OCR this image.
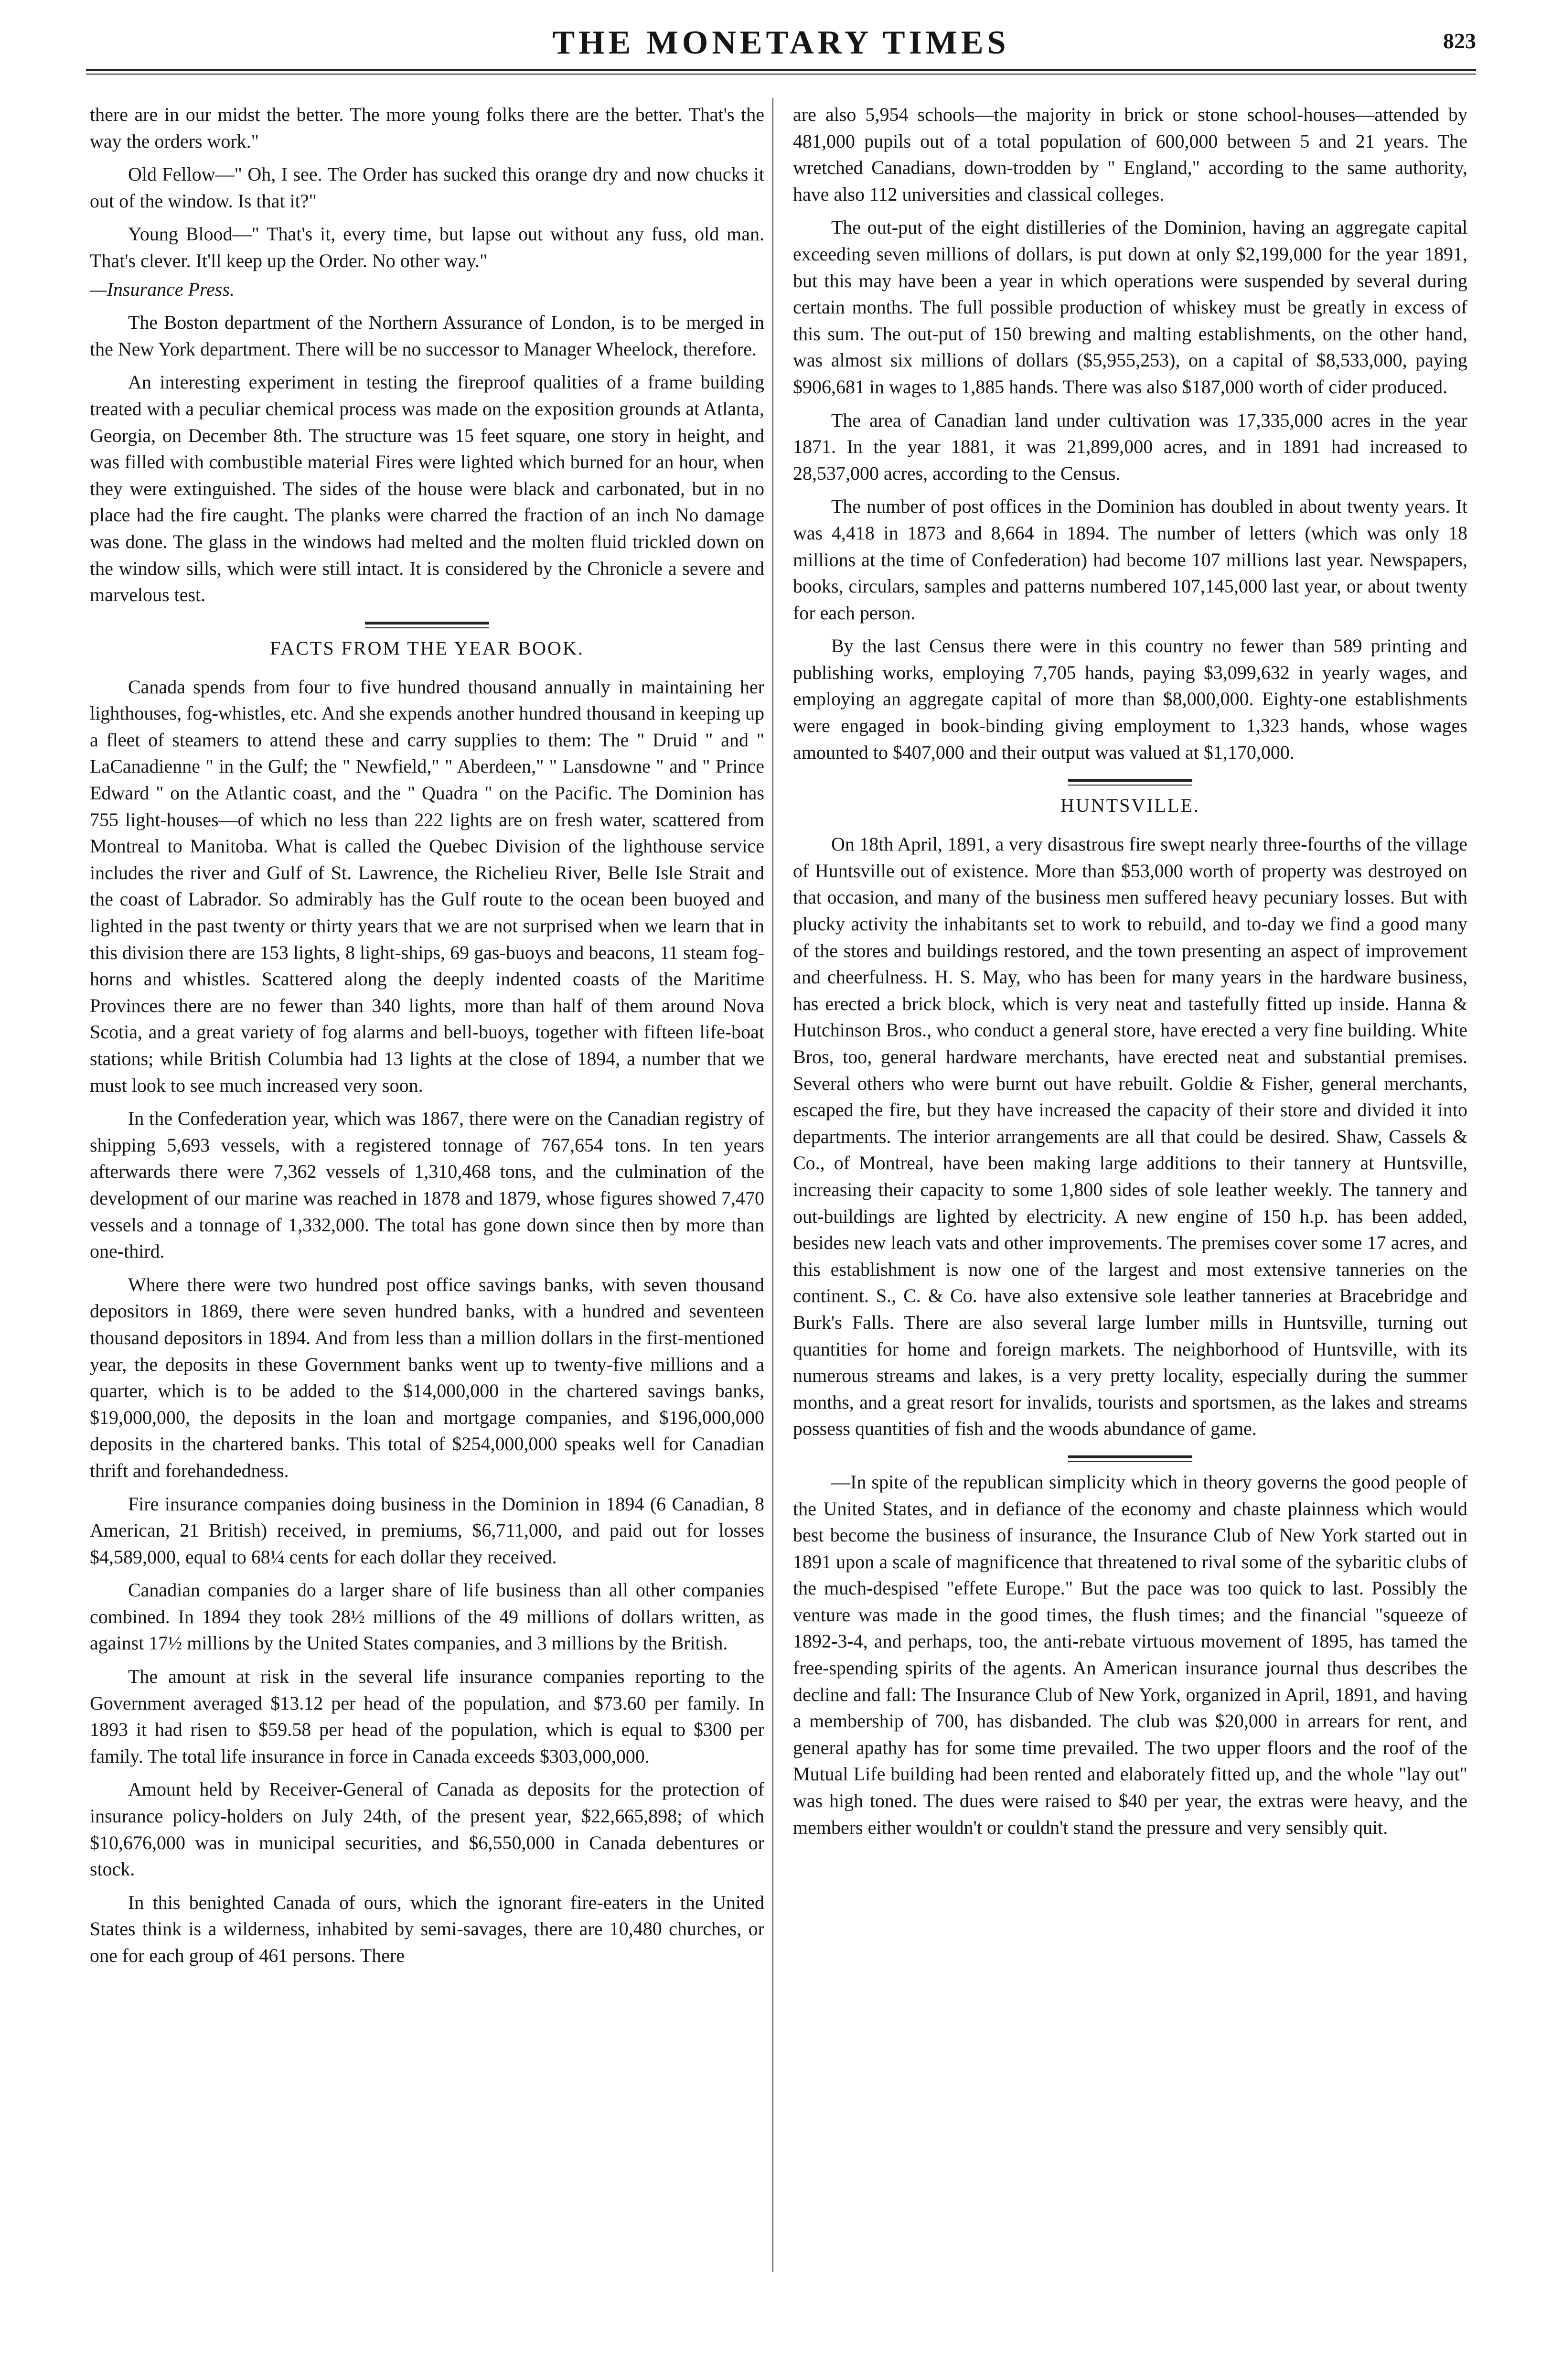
THE MONETARY TIMES	823

there are in our midst the better. The more young folks there are the better. That's the way the orders work."

Old Fellow—" Oh, I see. The Order has sucked this orange dry and now chucks it out of the window. Is that it?"

Young Blood—" That's it, every time, but lapse out without any fuss, old man. That's clever. It'll keep up the Order. No other way."

—Insurance Press.

The Boston department of the Northern Assurance of London, is to be merged in the New York department. There will be no successor to Manager Wheelock, therefore.

An interesting experiment in testing the fireproof qualities of a frame building treated with a peculiar chemical process was made on the exposition grounds at Atlanta, Georgia, on December 8th. The structure was 15 feet square, one story in height, and was filled with combustible material Fires were lighted which burned for an hour, when they were extinguished. The sides of the house were black and carbonated, but in no place had the fire caught. The planks were charred the fraction of an inch No damage was done. The glass in the windows had melted and the molten fluid trickled down on the window sills, which were still intact. It is considered by the Chronicle a severe and marvelous test.

FACTS FROM THE YEAR BOOK.

Canada spends from four to five hundred thousand annually in maintaining her lighthouses, fog-whistles, etc. And she expends another hundred thousand in keeping up a fleet of steamers to attend these and carry supplies to them: The " Druid " and " LaCanadienne " in the Gulf; the " Newfield," " Aberdeen," " Lansdowne " and " Prince Edward " on the Atlantic coast, and the " Quadra " on the Pacific. The Dominion has 755 light-houses—of which no less than 222 lights are on fresh water, scattered from Montreal to Manitoba. What is called the Quebec Division of the lighthouse service includes the river and Gulf of St. Lawrence, the Richelieu River, Belle Isle Strait and the coast of Labrador. So admirably has the Gulf route to the ocean been buoyed and lighted in the past twenty or thirty years that we are not surprised when we learn that in this division there are 153 lights, 8 light-ships, 69 gas-buoys and beacons, 11 steam fog-horns and whistles. Scattered along the deeply indented coasts of the Maritime Provinces there are no fewer than 340 lights, more than half of them around Nova Scotia, and a great variety of fog alarms and bell-buoys, together with fifteen life-boat stations; while British Columbia had 13 lights at the close of 1894, a number that we must look to see much increased very soon.

In the Confederation year, which was 1867, there were on the Canadian registry of shipping 5,693 vessels, with a registered tonnage of 767,654 tons. In ten years afterwards there were 7,362 vessels of 1,310,468 tons, and the culmination of the development of our marine was reached in 1878 and 1879, whose figures showed 7,470 vessels and a tonnage of 1,332,000. The total has gone down since then by more than one-third.

Where there were two hundred post office savings banks, with seven thousand depositors in 1869, there were seven hundred banks, with a hundred and seventeen thousand depositors in 1894. And from less than a million dollars in the first-mentioned year, the deposits in these Government banks went up to twenty-five millions and a quarter, which is to be added to the $14,000,000 in the chartered savings banks, $19,000,000, the deposits in the loan and mortgage companies, and $196,000,000 deposits in the chartered banks. This total of $254,000,000 speaks well for Canadian thrift and forehandedness.

Fire insurance companies doing business in the Dominion in 1894 (6 Canadian, 8 American, 21 British) received, in premiums, $6,711,000, and paid out for losses $4,589,000, equal to 68¼ cents for each dollar they received.

Canadian companies do a larger share of life business than all other companies combined. In 1894 they took 28½ millions of the 49 millions of dollars written, as against 17½ millions by the United States companies, and 3 millions by the British.

The amount at risk in the several life insurance companies reporting to the Government averaged $13.12 per head of the population, and $73.60 per family. In 1893 it had risen to $59.58 per head of the population, which is equal to $300 per family. The total life insurance in force in Canada exceeds $303,000,000.

Amount held by Receiver-General of Canada as deposits for the protection of insurance policy-holders on July 24th, of the present year, $22,665,898; of which $10,676,000 was in municipal securities, and $6,550,000 in Canada debentures or stock.

In this benighted Canada of ours, which the ignorant fire-eaters in the United States think is a wilderness, inhabited by semi-savages, there are 10,480 churches, or one for each group of 461 persons. There

are also 5,954 schools—the majority in brick or stone school-houses—attended by 481,000 pupils out of a total population of 600,000 between 5 and 21 years. The wretched Canadians, down-trodden by " England," according to the same authority, have also 112 universities and classical colleges.

The out-put of the eight distilleries of the Dominion, having an aggregate capital exceeding seven millions of dollars, is put down at only $2,199,000 for the year 1891, but this may have been a year in which operations were suspended by several during certain months. The full possible production of whiskey must be greatly in excess of this sum. The out-put of 150 brewing and malting establishments, on the other hand, was almost six millions of dollars ($5,955,253), on a capital of $8,533,000, paying $906,681 in wages to 1,885 hands. There was also $187,000 worth of cider produced.

The area of Canadian land under cultivation was 17,335,000 acres in the year 1871. In the year 1881, it was 21,899,000 acres, and in 1891 had increased to 28,537,000 acres, according to the Census.

The number of post offices in the Dominion has doubled in about twenty years. It was 4,418 in 1873 and 8,664 in 1894. The number of letters (which was only 18 millions at the time of Confederation) had become 107 millions last year. Newspapers, books, circulars, samples and patterns numbered 107,145,000 last year, or about twenty for each person.

By the last Census there were in this country no fewer than 589 printing and publishing works, employing 7,705 hands, paying $3,099,632 in yearly wages, and employing an aggregate capital of more than $8,000,000. Eighty-one establishments were engaged in book-binding giving employment to 1,323 hands, whose wages amounted to $407,000 and their output was valued at $1,170,000.

HUNTSVILLE.

On 18th April, 1891, a very disastrous fire swept nearly three-fourths of the village of Huntsville out of existence. More than $53,000 worth of property was destroyed on that occasion, and many of the business men suffered heavy pecuniary losses. But with plucky activity the inhabitants set to work to rebuild, and to-day we find a good many of the stores and buildings restored, and the town presenting an aspect of improvement and cheerfulness. H. S. May, who has been for many years in the hardware business, has erected a brick block, which is very neat and tastefully fitted up inside. Hanna & Hutchinson Bros., who conduct a general store, have erected a very fine building. White Bros, too, general hardware merchants, have erected neat and substantial premises. Several others who were burnt out have rebuilt. Goldie & Fisher, general merchants, escaped the fire, but they have increased the capacity of their store and divided it into departments. The interior arrangements are all that could be desired. Shaw, Cassels & Co., of Montreal, have been making large additions to their tannery at Huntsville, increasing their capacity to some 1,800 sides of sole leather weekly. The tannery and out-buildings are lighted by electricity. A new engine of 150 h.p. has been added, besides new leach vats and other improvements. The premises cover some 17 acres, and this establishment is now one of the largest and most extensive tanneries on the continent. S., C. & Co. have also extensive sole leather tanneries at Bracebridge and Burk's Falls. There are also several large lumber mills in Huntsville, turning out quantities for home and foreign markets. The neighborhood of Huntsville, with its numerous streams and lakes, is a very pretty locality, especially during the summer months, and a great resort for invalids, tourists and sportsmen, as the lakes and streams possess quantities of fish and the woods abundance of game.

—In spite of the republican simplicity which in theory governs the good people of the United States, and in defiance of the economy and chaste plainness which would best become the business of insurance, the Insurance Club of New York started out in 1891 upon a scale of magnificence that threatened to rival some of the sybaritic clubs of the much-despised "effete Europe." But the pace was too quick to last. Possibly the venture was made in the good times, the flush times; and the financial "squeeze of 1892-3-4, and perhaps, too, the anti-rebate virtuous movement of 1895, has tamed the free-spending spirits of the agents. An American insurance journal thus describes the decline and fall: The Insurance Club of New York, organized in April, 1891, and having a membership of 700, has disbanded. The club was $20,000 in arrears for rent, and general apathy has for some time prevailed. The two upper floors and the roof of the Mutual Life building had been rented and elaborately fitted up, and the whole "lay out" was high toned. The dues were raised to $40 per year, the extras were heavy, and the members either wouldn't or couldn't stand the pressure and very sensibly quit.
